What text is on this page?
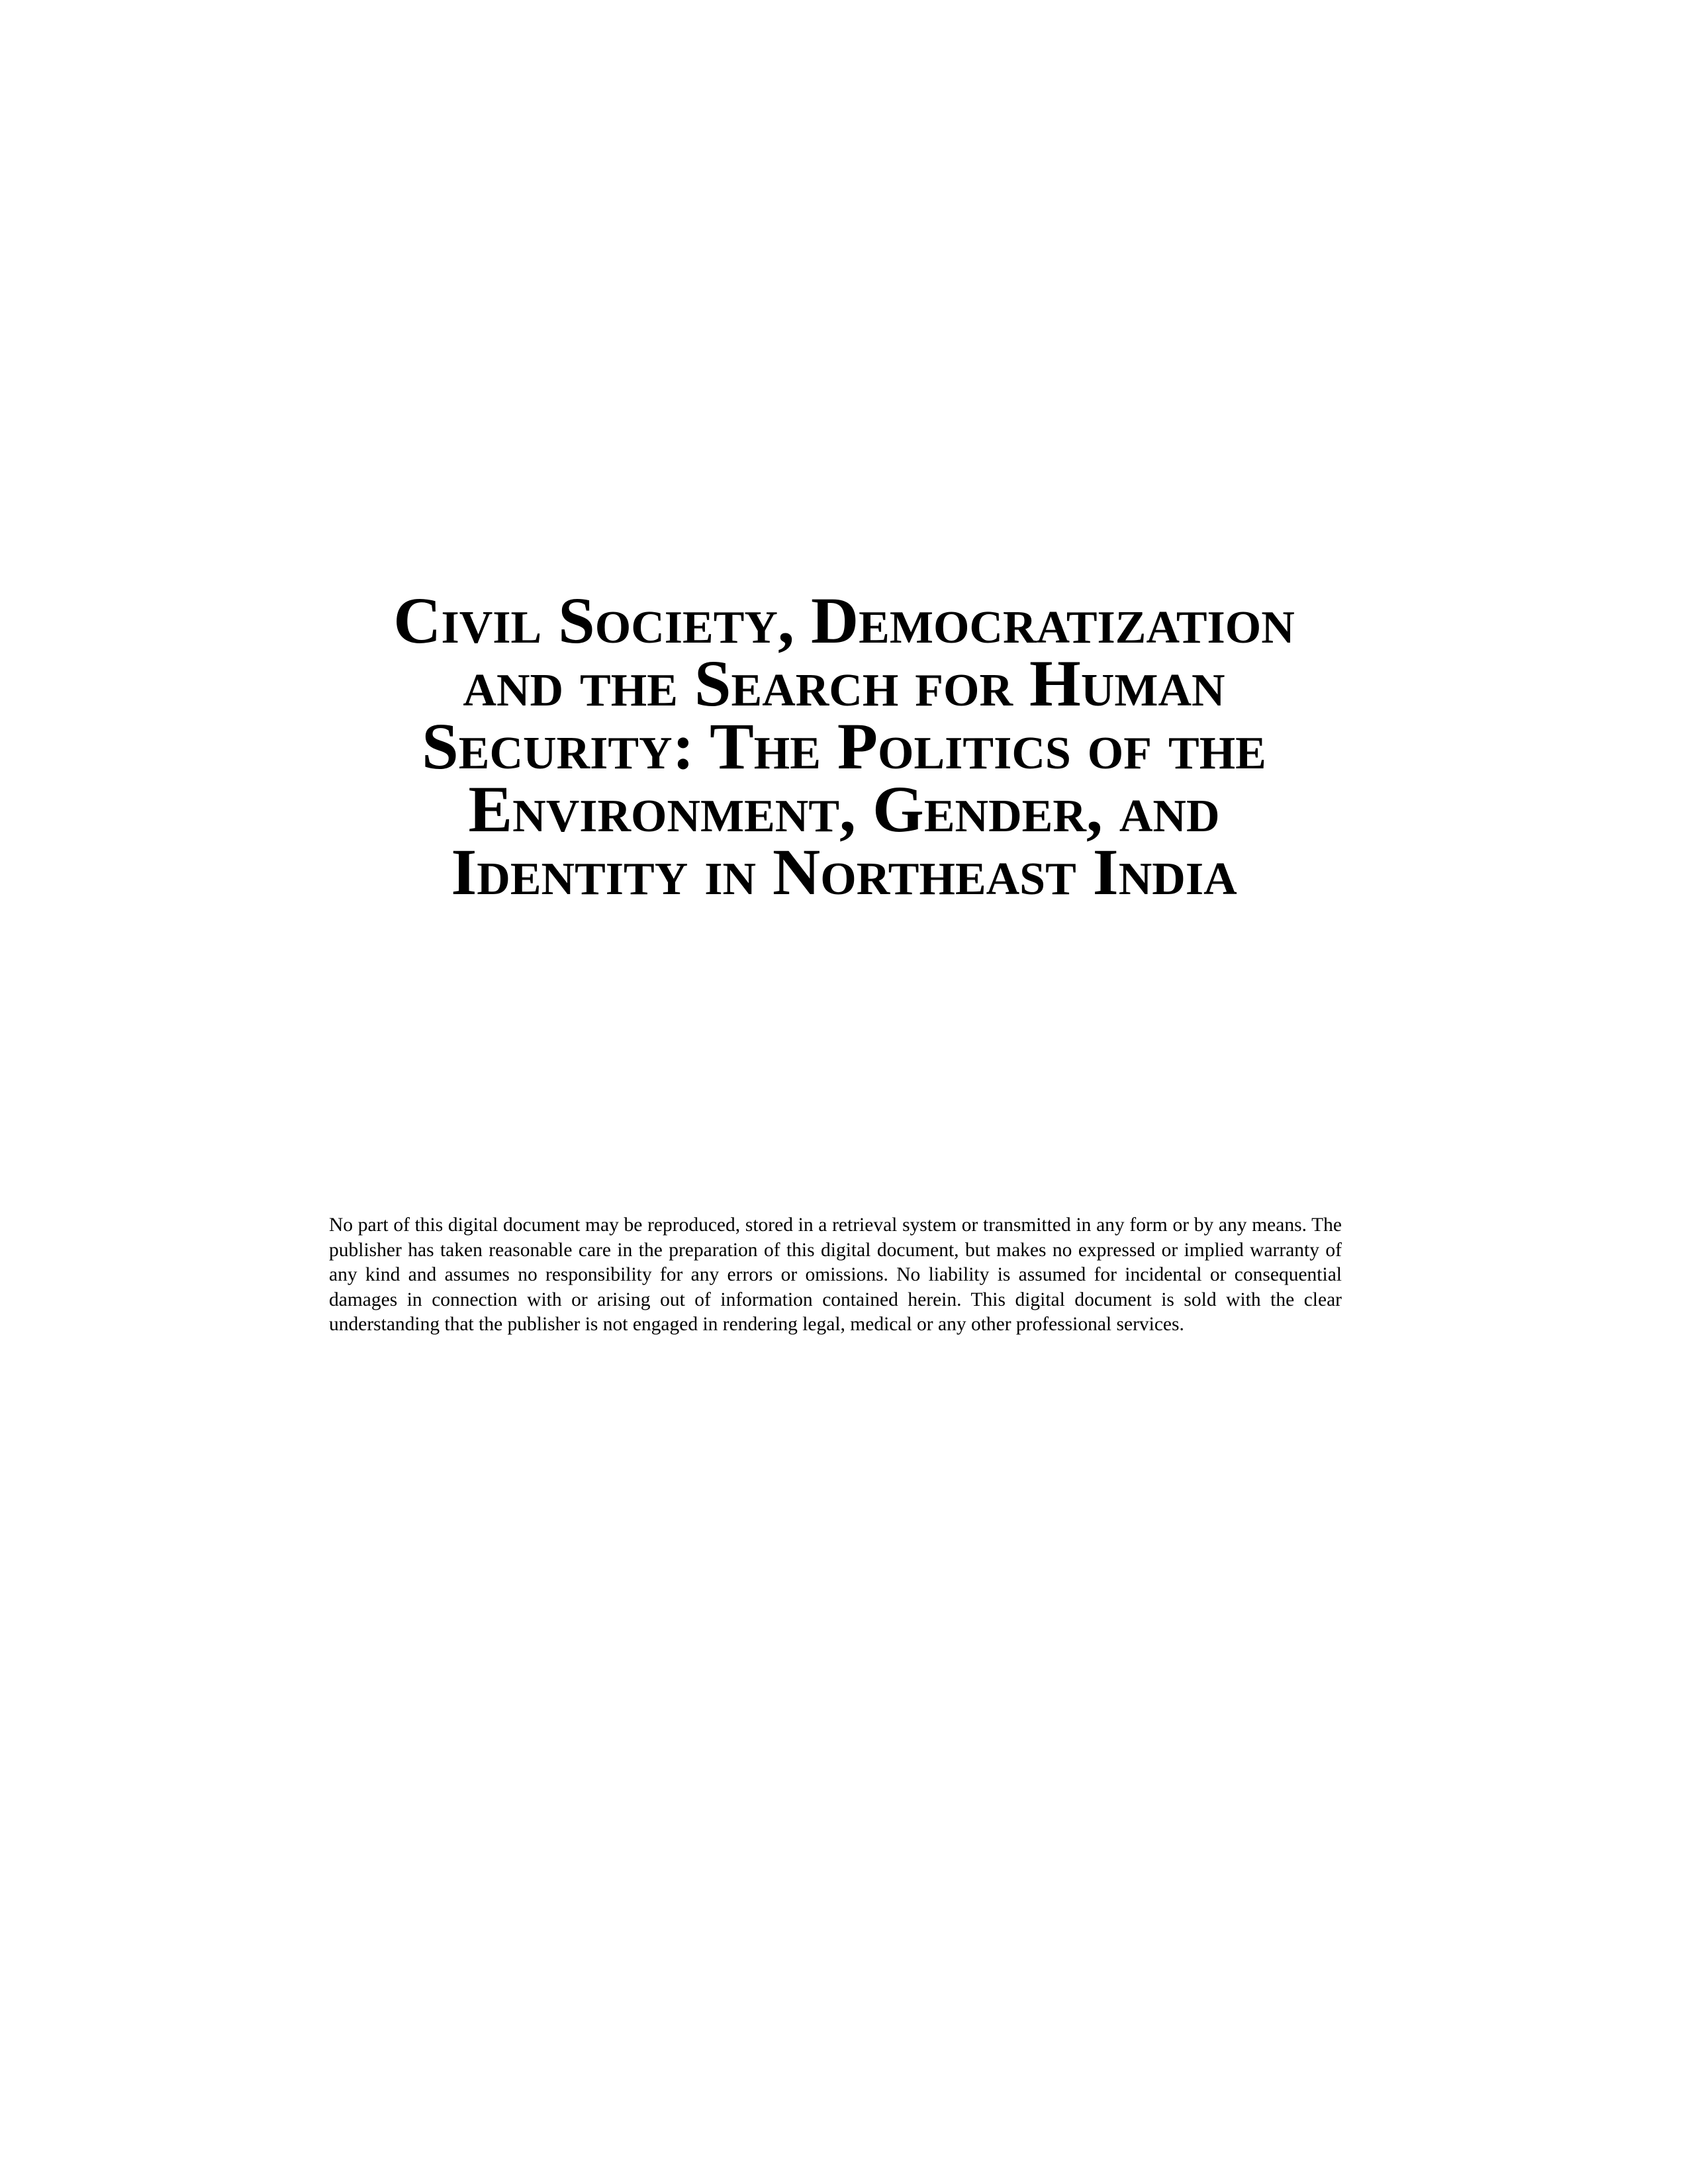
Civil Society, Democratization
and the Search for Human
Security: The Politics of the
Environment, Gender, and
Identity in Northeast India

No part of this digital document may be reproduced, stored in a retrieval system or transmitted in any form or by any means. The publisher has taken reasonable care in the preparation of this digital document, but makes no expressed or implied warranty of any kind and assumes no responsibility for any errors or omissions. No liability is assumed for incidental or consequential damages in connection with or arising out of information contained herein. This digital document is sold with the clear understanding that the publisher is not engaged in rendering legal, medical or any other professional services.
